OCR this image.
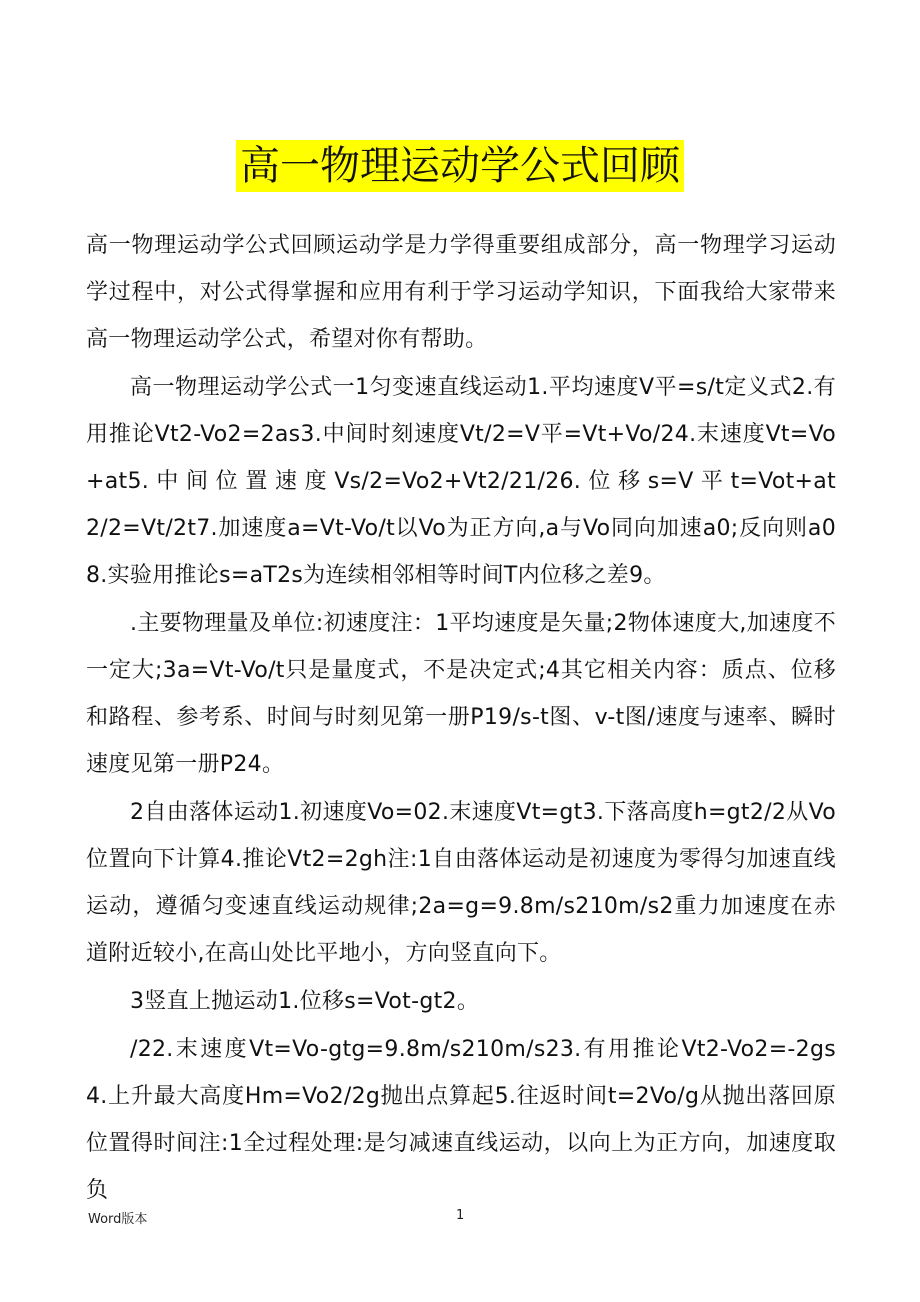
高一物理运动学公式回顾

高一物理运动学公式回顾运动学是力学得重要组成部分，高一物理学习运动学过程中，对公式得掌握和应用有利于学习运动学知识，下面我给大家带来高一物理运动学公式，希望对你有帮助。

高一物理运动学公式一1匀变速直线运动1.平均速度V平=s/t定义式2.有用推论Vt2-Vo2=2as3.中间时刻速度Vt/2=V平=Vt+Vo/24.末速度Vt=Vo+at5. 中 间 位 置 速 度 Vs/2=Vo2+Vt2/21/26. 位 移 s=V 平 t=Vot+at2/2=Vt/2t7.加速度a=Vt-Vo/t以Vo为正方向,a与Vo同向加速a0;反向则a08.实验用推论s=aT2s为连续相邻相等时间T内位移之差9。

.主要物理量及单位:初速度注：1平均速度是矢量;2物体速度大,加速度不一定大;3a=Vt-Vo/t只是量度式，不是决定式;4其它相关内容：质点、位移和路程、参考系、时间与时刻见第一册P19/s-t图、v-t图/速度与速率、瞬时速度见第一册P24。

2自由落体运动1.初速度Vo=02.末速度Vt=gt3.下落高度h=gt2/2从Vo位置向下计算4.推论Vt2=2gh注:1自由落体运动是初速度为零得匀加速直线运动，遵循匀变速直线运动规律;2a=g=9.8m/s210m/s2重力加速度在赤道附近较小,在高山处比平地小，方向竖直向下。

3竖直上抛运动1.位移s=Vot-gt2。

/22.末速度Vt=Vo-gtg=9.8m/s210m/s23.有用推论Vt2-Vo2=-2gs4.上升最大高度Hm=Vo2/2g抛出点算起5.往返时间t=2Vo/g从抛出落回原位置得时间注:1全过程处理:是匀减速直线运动，以向上为正方向，加速度取负

Word版本	1
